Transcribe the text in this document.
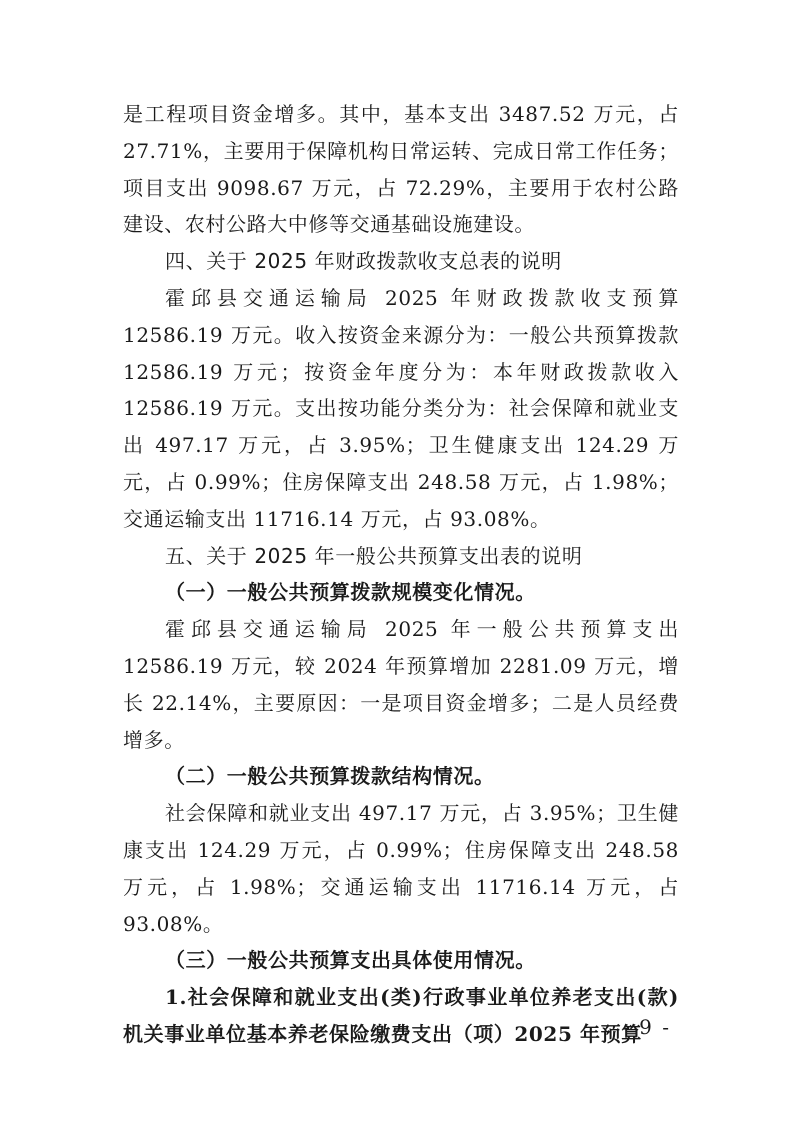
是工程项目资金增多。其中，基本支出 3487.52 万元，占 27.71%，主要用于保障机构日常运转、完成日常工作任务；项目支出 9098.67 万元，占 72.29%，主要用于农村公路建设、农村公路大中修等交通基础设施建设。

四、关于 2025 年财政拨款收支总表的说明

霍邱县交通运输局 2025 年财政拨款收支预算 12586.19 万元。收入按资金来源分为：一般公共预算拨款 12586.19 万元；按资金年度分为：本年财政拨款收入 12586.19 万元。支出按功能分类分为：社会保障和就业支出 497.17 万元，占 3.95%；卫生健康支出 124.29 万元，占 0.99%；住房保障支出 248.58 万元，占 1.98%；交通运输支出 11716.14 万元，占 93.08%。

五、关于 2025 年一般公共预算支出表的说明

（一）一般公共预算拨款规模变化情况。

霍邱县交通运输局 2025 年一般公共预算支出 12586.19 万元，较 2024 年预算增加 2281.09 万元，增长 22.14%，主要原因：一是项目资金增多；二是人员经费增多。

（二）一般公共预算拨款结构情况。

社会保障和就业支出 497.17 万元，占 3.95%；卫生健康支出 124.29 万元，占 0.99%；住房保障支出 248.58 万元，占 1.98%；交通运输支出 11716.14 万元，占 93.08%。

（三）一般公共预算支出具体使用情况。

1.社会保障和就业支出(类)行政事业单位养老支出(款)机关事业单位基本养老保险缴费支出（项）2025 年预算

- 9 -
